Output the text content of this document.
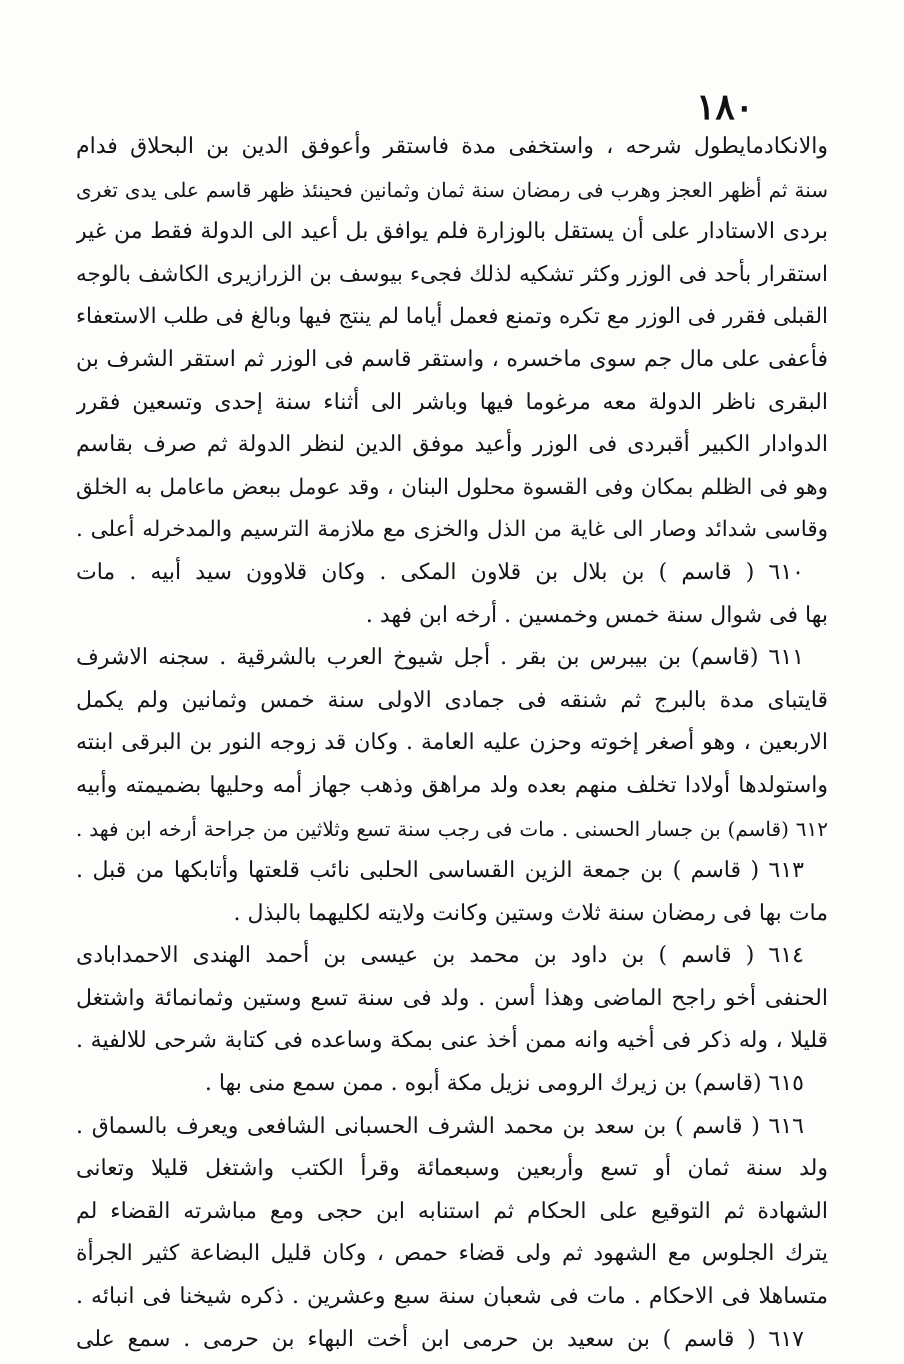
١٨٠

والانكادمايطول شرحه ، واستخفى مدة فاستقر وأعوفق الدين بن البحلاق فدام

سنة ثم أظهر العجز وهرب فى رمضان سنة ثمان وثمانين فحينئذ ظهر قاسم على يدى تغرى

بردى الاستادار على أن يستقل بالوزارة فلم يوافق بل أعيد الى الدولة فقط من غير

استقرار بأحد فى الوزر وكثر تشكيه لذلك فجىء بيوسف بن الزرازيرى الكاشف بالوجه

القبلى فقرر فى الوزر مع تكره وتمنع فعمل أياما لم ينتج فيها وبالغ فى طلب الاستعفاء

فأعفى على مال جم سوى ماخسره ، واستقر قاسم فى الوزر ثم استقر الشرف بن

البقرى ناظر الدولة معه مرغوما فيها وباشر الى أثناء سنة إحدى وتسعين فقرر

الدوادار الكبير أقبردى فى الوزر وأعيد موفق الدين لنظر الدولة ثم صرف بقاسم

وهو فى الظلم بمكان وفى القسوة محلول البنان ، وقد عومل ببعض ماعامل به الخلق

وقاسى شدائد وصار الى غاية من الذل والخزى مع ملازمة الترسيم والمدخرله أعلى .

٦١٠ ( قاسم ) بن بلال بن قلاون المكى . وكان قلاوون سيد أبيه . مات

بها فى شوال سنة خمس وخمسين . أرخه ابن فهد .

٦١١ (قاسم) بن بيبرس بن بقر . أجل شيوخ العرب بالشرقية . سجنه الاشرف

قايتباى مدة بالبرج ثم شنقه فى جمادى الاولى سنة خمس وثمانين ولم يكمل

الاربعين ، وهو أصغر إخوته وحزن عليه العامة . وكان قد زوجه النور بن البرقى ابنته

واستولدها أولادا تخلف منهم بعده ولد مراهق وذهب جهاز أمه وحليها بضميمته وأبيه

٦١٢ (قاسم) بن جسار الحسنى . مات فى رجب سنة تسع وثلاثين من جراحة أرخه ابن فهد .

٦١٣ ( قاسم ) بن جمعة الزين القساسى الحلبى نائب قلعتها وأتابكها من قبل .

مات بها فى رمضان سنة ثلاث وستين وكانت ولايته لكليهما بالبذل .

٦١٤ ( قاسم ) بن داود بن محمد بن عيسى بن أحمد الهندى الاحمدابادى

الحنفى أخو راجح الماضى وهذا أسن . ولد فى سنة تسع وستين وثمانمائة واشتغل

قليلا ، وله ذكر فى أخيه وانه ممن أخذ عنى بمكة وساعده فى كتابة شرحى للالفية .

٦١٥ (قاسم) بن زيرك الرومى نزيل مكة أبوه . ممن سمع منى بها .

٦١٦ ( قاسم ) بن سعد بن محمد الشرف الحسبانى الشافعى ويعرف بالسماق .

ولد سنة ثمان أو تسع وأربعين وسبعمائة وقرأ الكتب واشتغل قليلا وتعانى

الشهادة ثم التوقيع على الحكام ثم استنابه ابن حجى ومع مباشرته القضاء لم

يترك الجلوس مع الشهود ثم ولى قضاء حمص ، وكان قليل البضاعة كثير الجرأة

متساهلا فى الاحكام . مات فى شعبان سنة سبع وعشرين . ذكره شيخنا فى انبائه .

٦١٧ ( قاسم ) بن سعيد بن حرمى ابن أخت البهاء بن حرمى . سمع على
